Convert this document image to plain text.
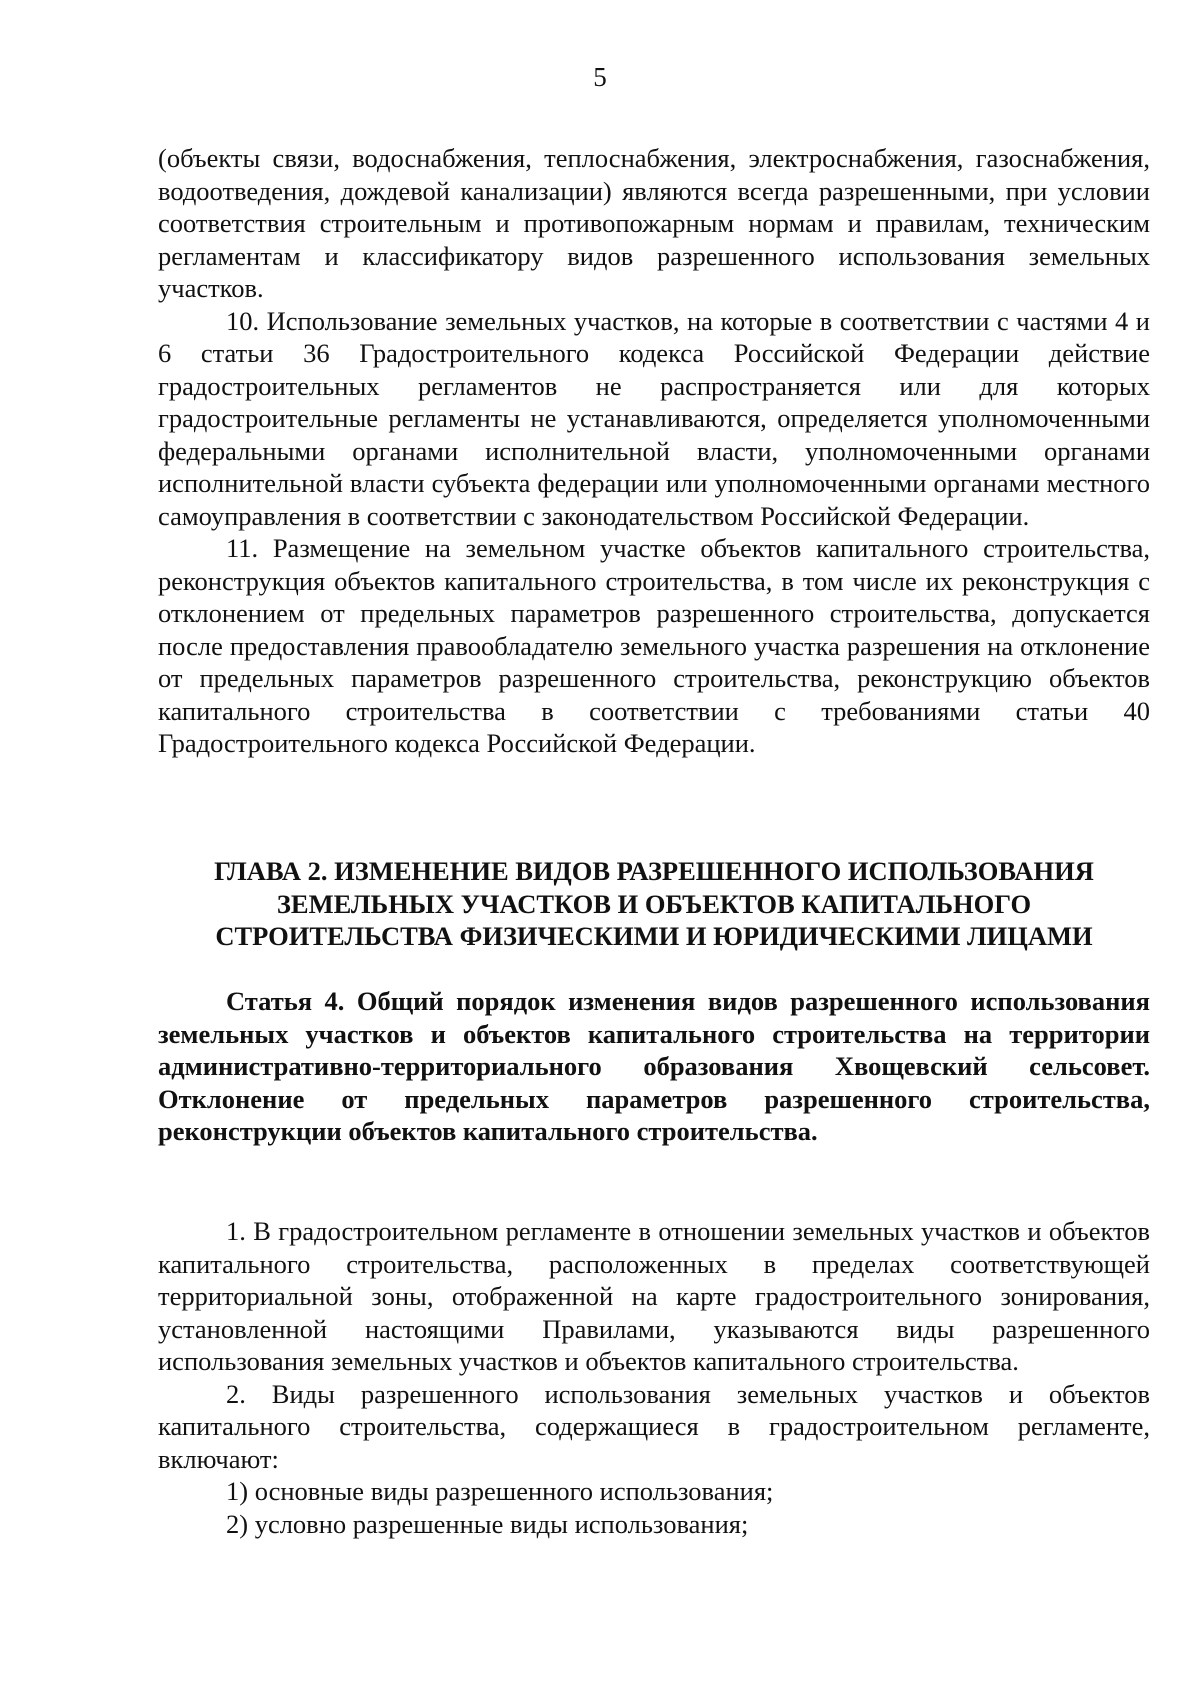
5

(объекты связи, водоснабжения, теплоснабжения, электроснабжения, газоснабжения, водоотведения, дождевой канализации) являются всегда разрешенными, при условии соответствия строительным и противопожарным нормам и правилам, техническим регламентам и классификатору видов разрешенного использования земельных участков.

10. Использование земельных участков, на которые в соответствии с частями 4 и 6 статьи 36 Градостроительного кодекса Российской Федерации действие градостроительных регламентов не распространяется или для которых градостроительные регламенты не устанавливаются, определяется уполномоченными федеральными органами исполнительной власти, уполномоченными органами исполнительной власти субъекта федерации или уполномоченными органами местного самоуправления в соответствии с законодательством Российской Федерации.

11. Размещение на земельном участке объектов капитального строительства, реконструкция объектов капитального строительства, в том числе их реконструкция с отклонением от предельных параметров разрешенного строительства, допускается после предоставления правообладателю земельного участка разрешения на отклонение от предельных параметров разрешенного строительства, реконструкцию объектов капитального строительства в соответствии с требованиями статьи 40 Градостроительного кодекса Российской Федерации.

ГЛАВА 2. ИЗМЕНЕНИЕ ВИДОВ РАЗРЕШЕННОГО ИСПОЛЬЗОВАНИЯ ЗЕМЕЛЬНЫХ УЧАСТКОВ И ОБЪЕКТОВ КАПИТАЛЬНОГО СТРОИТЕЛЬСТВА ФИЗИЧЕСКИМИ И ЮРИДИЧЕСКИМИ ЛИЦАМИ

Статья 4. Общий порядок изменения видов разрешенного использования земельных участков и объектов капитального строительства на территории административно-территориального образования Хвощевский сельсовет. Отклонение от предельных параметров разрешенного строительства, реконструкции объектов капитального строительства.

1. В градостроительном регламенте в отношении земельных участков и объектов капитального строительства, расположенных в пределах соответствующей территориальной зоны, отображенной на карте градостроительного зонирования, установленной настоящими Правилами, указываются виды разрешенного использования земельных участков и объектов капитального строительства.

2. Виды разрешенного использования земельных участков и объектов капитального строительства, содержащиеся в градостроительном регламенте, включают:

1) основные виды разрешенного использования;

2) условно разрешенные виды использования;
